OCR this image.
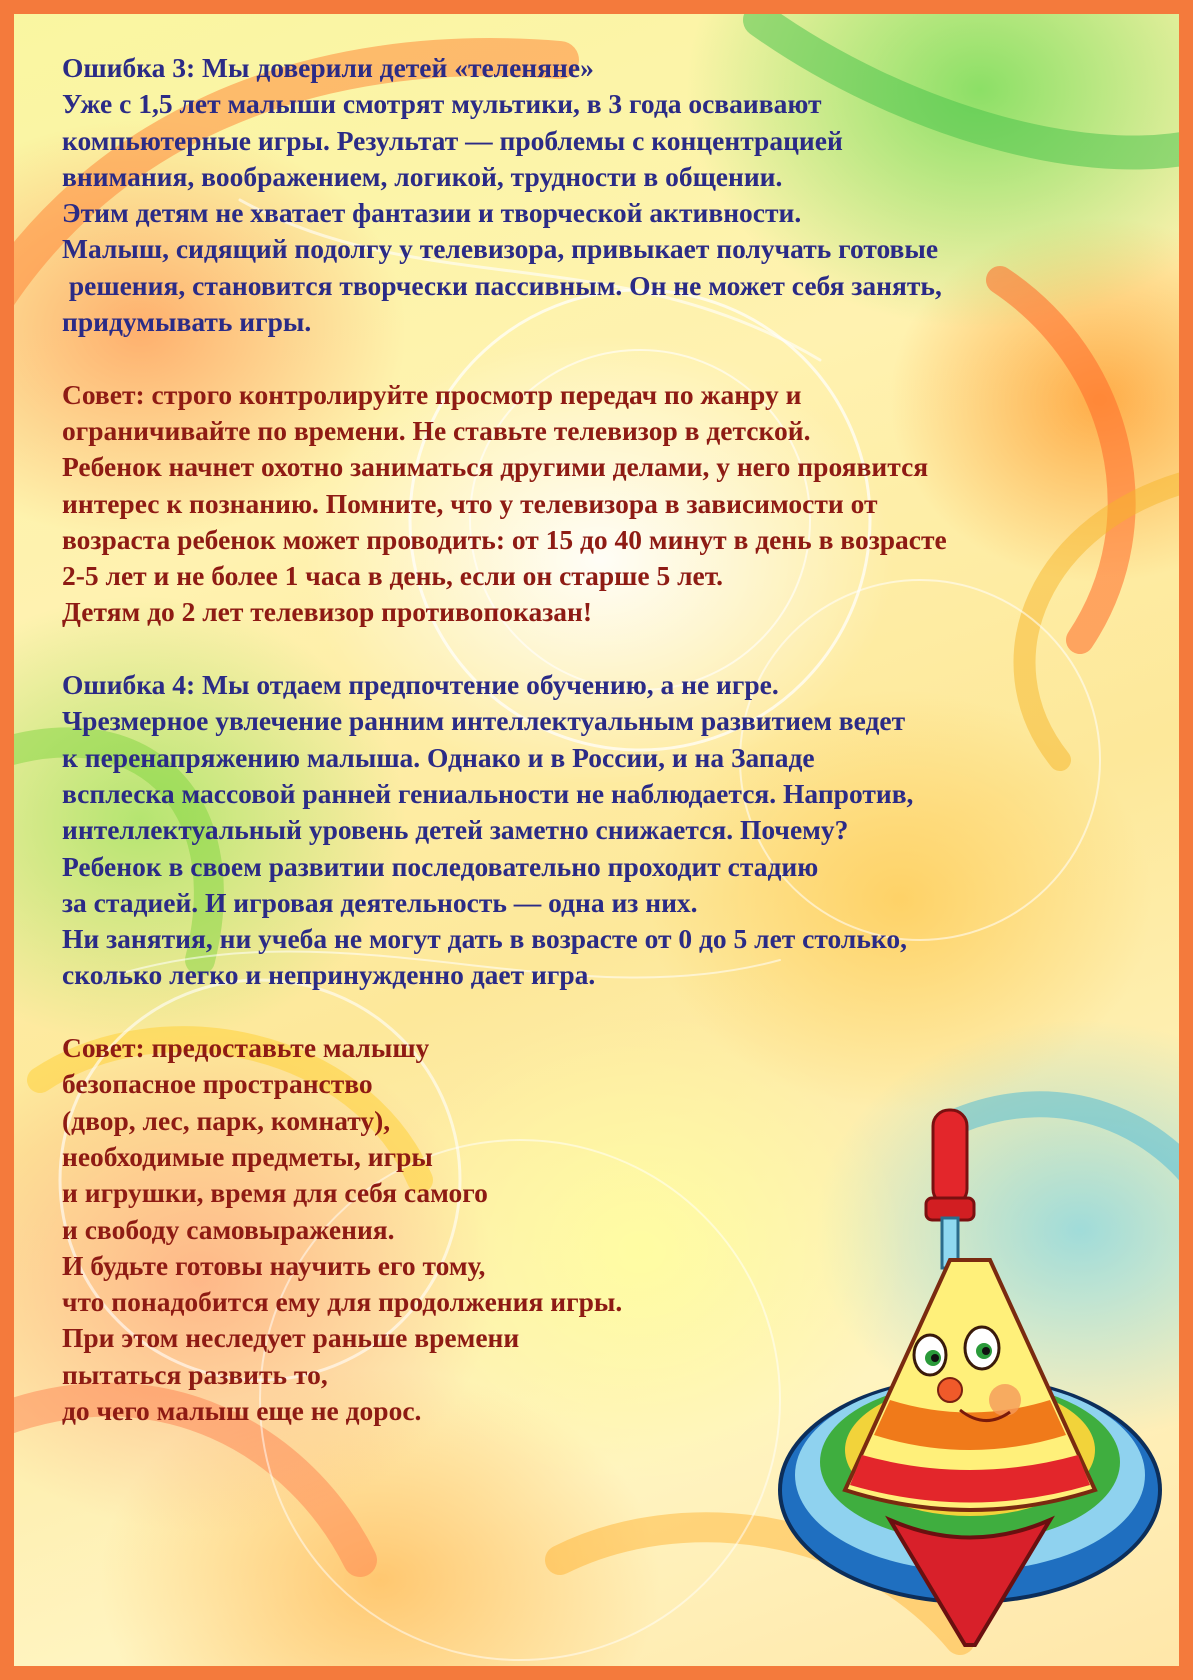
Ошибка 3: Мы доверили детей «теленяне»
Уже с 1,5 лет малыши смотрят мультики, в 3 года осваивают
компьютерные игры. Результат — проблемы с концентрацией
внимания, воображением, логикой, трудности в общении.
Этим детям не хватает фантазии и творческой активности.
Малыш, сидящий подолгу у телевизора, привыкает получать готовые
решения, становится творчески пассивным. Он не может себя занять,
придумывать игры.
Совет: строго контролируйте просмотр передач по жанру и
ограничивайте по времени. Не ставьте телевизор в детской.
Ребенок начнет охотно заниматься другими делами, у него проявится
интерес к познанию. Помните, что у телевизора в зависимости от
возраста ребенок может проводить: от 15 до 40 минут в день в возрасте
2-5 лет и не более 1 часа в день, если он старше 5 лет.
Детям до 2 лет телевизор противопоказан!
Ошибка 4: Мы отдаем предпочтение обучению, а не игре.
Чрезмерное увлечение ранним интеллектуальным развитием ведет
к перенапряжению малыша. Однако и в России, и на Западе
всплеска массовой ранней гениальности не наблюдается. Напротив,
интеллектуальный уровень детей заметно снижается. Почему?
Ребенок в своем развитии последовательно проходит стадию
за стадией. И игровая деятельность — одна из них.
Ни занятия, ни учеба не могут дать в возрасте от 0 до 5 лет столько,
сколько легко и непринужденно дает игра.
Совет: предоставьте малышу
безопасное пространство
(двор, лес, парк, комнату),
необходимые предметы, игры
и игрушки, время для себя самого
и свободу самовыражения.
И будьте готовы научить его тому,
что понадобится ему для продолжения игры.
При этом неследует раньше времени
пытаться развить то,
до чего малыш еще не дорос.
